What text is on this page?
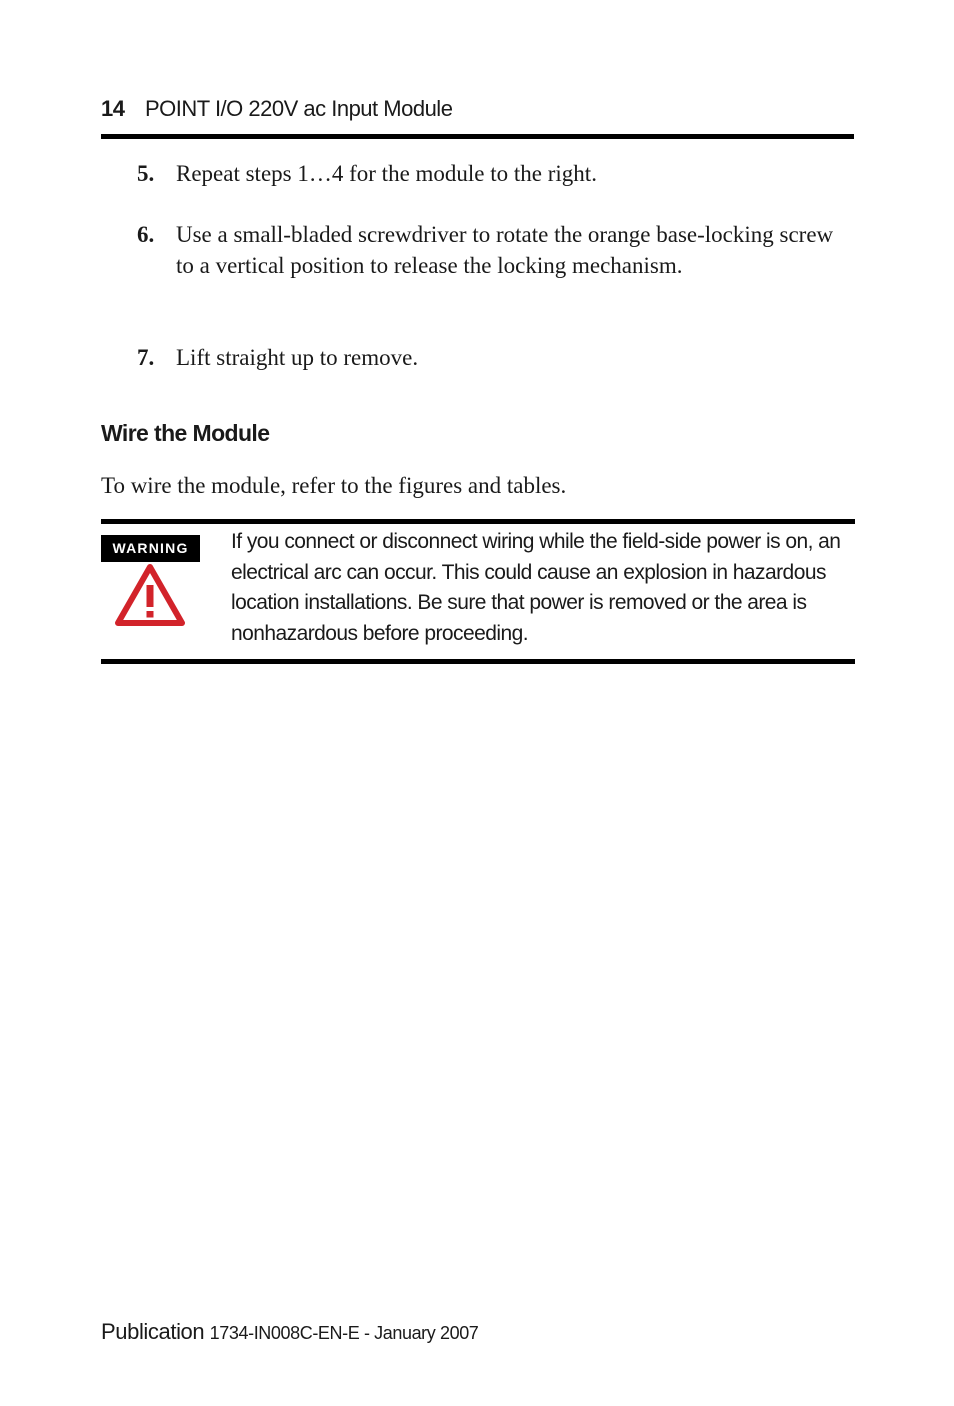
14 POINT I/O 220V ac Input Module
5. Repeat steps 1…4 for the module to the right.
6. Use a small-bladed screwdriver to rotate the orange base-locking screw to a vertical position to release the locking mechanism.
7. Lift straight up to remove.
Wire the Module
To wire the module, refer to the figures and tables.
WARNING	If you connect or disconnect wiring while the field-side power is on, an electrical arc can occur. This could cause an explosion in hazardous location installations. Be sure that power is removed or the area is nonhazardous before proceeding.
Publication 1734-IN008C-EN-E - January 2007
